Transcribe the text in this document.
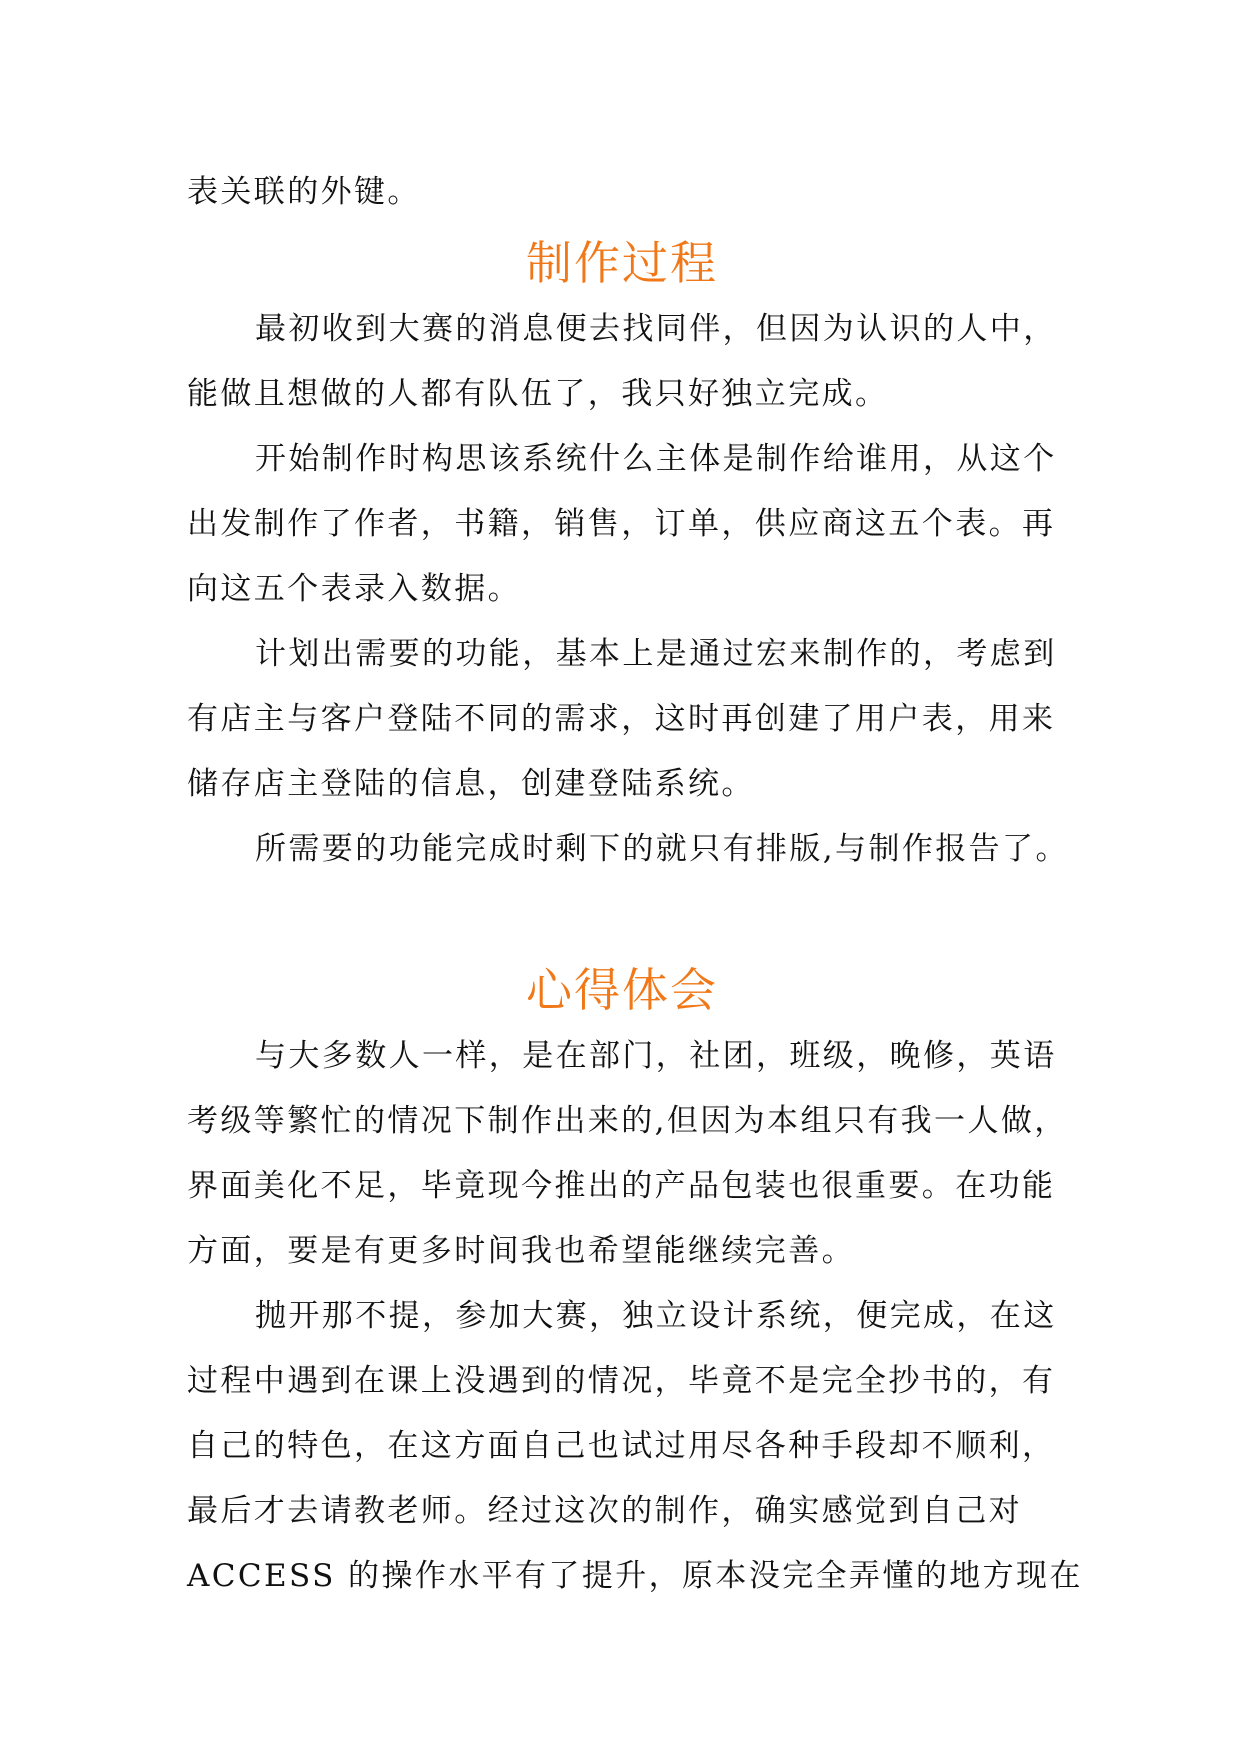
表关联的外键。
制作过程
最初收到大赛的消息便去找同伴，但因为认识的人中，
能做且想做的人都有队伍了，我只好独立完成。
开始制作时构思该系统什么主体是制作给谁用，从这个
出发制作了作者，书籍，销售，订单，供应商这五个表。再
向这五个表录入数据。
计划出需要的功能，基本上是通过宏来制作的，考虑到
有店主与客户登陆不同的需求，这时再创建了用户表，用来
储存店主登陆的信息，创建登陆系统。
所需要的功能完成时剩下的就只有排版,与制作报告了。
心得体会
与大多数人一样，是在部门，社团，班级，晚修，英语
考级等繁忙的情况下制作出来的,但因为本组只有我一人做，
界面美化不足，毕竟现今推出的产品包装也很重要。在功能
方面，要是有更多时间我也希望能继续完善。
抛开那不提，参加大赛，独立设计系统，便完成，在这
过程中遇到在课上没遇到的情况，毕竟不是完全抄书的，有
自己的特色，在这方面自己也试过用尽各种手段却不顺利，
最后才去请教老师。经过这次的制作，确实感觉到自己对
ACCESS 的操作水平有了提升，原本没完全弄懂的地方现在
